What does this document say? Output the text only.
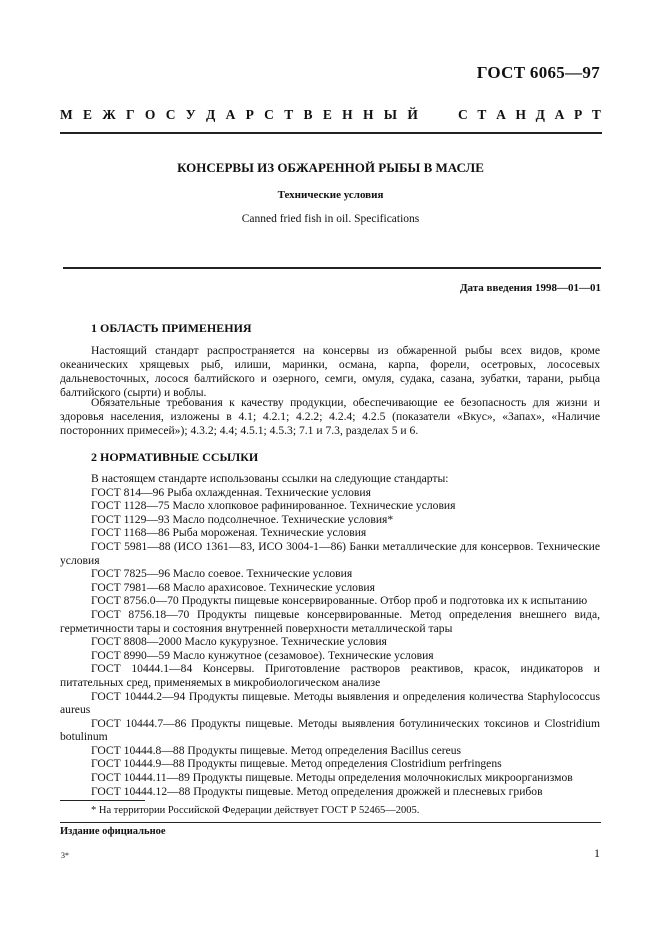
ГОСТ 6065—97
М Е Ж Г О С У Д А Р С Т В Е Н Н Ы Й	С Т А Н Д А Р Т
КОНСЕРВЫ ИЗ ОБЖАРЕННОЙ РЫБЫ В МАСЛЕ
Технические условия
Canned fried fish in oil. Specifications
Дата введения 1998—01—01
1 ОБЛАСТЬ ПРИМЕНЕНИЯ
Настоящий стандарт распространяется на консервы из обжаренной рыбы всех видов, кроме океанических хрящевых рыб, илиши, маринки, османа, карпа, форели, осетровых, лососевых дальневосточных, лосося балтийского и озерного, семги, омуля, судака, сазана, зубатки, тарани, рыбца балтийского (сырти) и воблы.
Обязательные требования к качеству продукции, обеспечивающие ее безопасность для жизни и здоровья населения, изложены в 4.1; 4.2.1; 4.2.2; 4.2.4; 4.2.5 (показатели «Вкус», «Запах», «Наличие посторонних примесей»); 4.3.2; 4.4; 4.5.1; 4.5.3; 7.1 и 7.3, разделах 5 и 6.
2 НОРМАТИВНЫЕ ССЫЛКИ
В настоящем стандарте использованы ссылки на следующие стандарты:
ГОСТ 814—96 Рыба охлажденная. Технические условия
ГОСТ 1128—75 Масло хлопковое рафинированное. Технические условия
ГОСТ 1129—93 Масло подсолнечное. Технические условия*
ГОСТ 1168—86 Рыба мороженая. Технические условия
ГОСТ 5981—88 (ИСО 1361—83, ИСО 3004-1—86) Банки металлические для консервов. Технические условия
ГОСТ 7825—96 Масло соевое. Технические условия
ГОСТ 7981—68 Масло арахисовое. Технические условия
ГОСТ 8756.0—70 Продукты пищевые консервированные. Отбор проб и подготовка их к испытанию
ГОСТ 8756.18—70 Продукты пищевые консервированные. Метод определения внешнего вида, герметичности тары и состояния внутренней поверхности металлической тары
ГОСТ 8808—2000 Масло кукурузное. Технические условия
ГОСТ 8990—59 Масло кунжутное (сезамовое). Технические условия
ГОСТ 10444.1—84 Консервы. Приготовление растворов реактивов, красок, индикаторов и питательных сред, применяемых в микробиологическом анализе
ГОСТ 10444.2—94 Продукты пищевые. Методы выявления и определения количества Staphylococcus aureus
ГОСТ 10444.7—86 Продукты пищевые. Методы выявления ботулинических токсинов и Clostridium botulinum
ГОСТ 10444.8—88 Продукты пищевые. Метод определения Bacillus cereus
ГОСТ 10444.9—88 Продукты пищевые. Метод определения Clostridium perfringens
ГОСТ 10444.11—89 Продукты пищевые. Методы определения молочнокислых микроорганизмов
ГОСТ 10444.12—88 Продукты пищевые. Метод определения дрожжей и плесневых грибов
* На территории Российской Федерации действует ГОСТ Р 52465—2005.
Издание официальное
3*	1
